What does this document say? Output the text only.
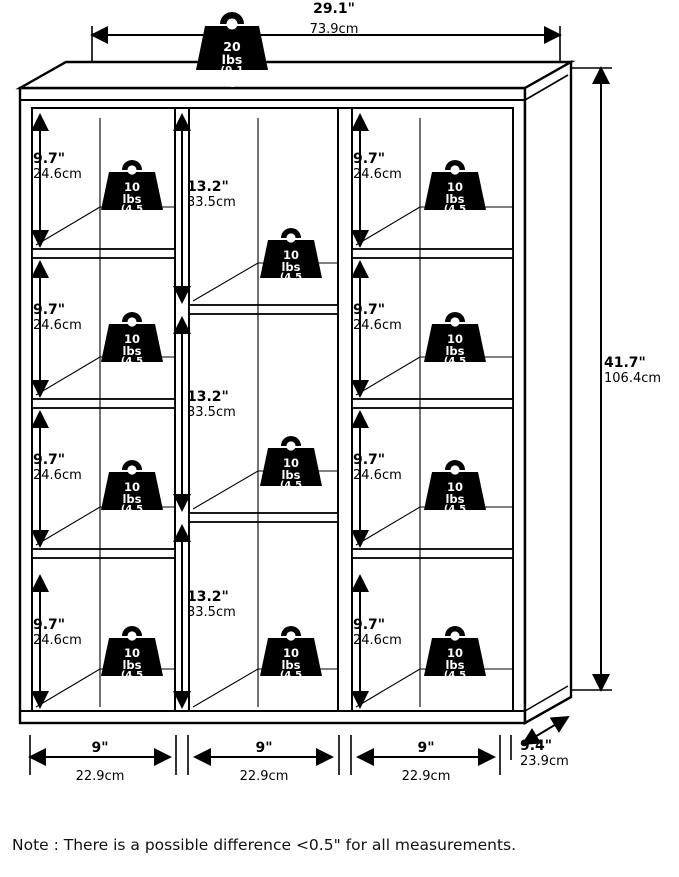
29.1"
73.9cm
41.7"
106.4cm
9.4"
23.9cm
9.7"
24.6cm
9.7"
24.6cm
9.7"
24.6cm
9.7"
24.6cm
13.2"
33.5cm
13.2"
33.5cm
13.2"
33.5cm
9.7"
24.6cm
9.7"
24.6cm
9.7"
24.6cm
9.7"
24.6cm
9"
22.9cm
9"
22.9cm
9"
22.9cm
20 lbs
(9.1 kg)
10 lbs
(4.5 kg)
10 lbs
(4.5 kg)
10 lbs
(4.5 kg)
10 lbs
(4.5 kg)
10 lbs
(4.5 kg)
10 lbs
(4.5 kg)
10 lbs
(4.5 kg)
10 lbs
(4.5 kg)
10 lbs
(4.5 kg)
10 lbs
(4.5 kg)
10 lbs
(4.5 kg)
Note : There is a possible difference <0.5" for all measurements.
